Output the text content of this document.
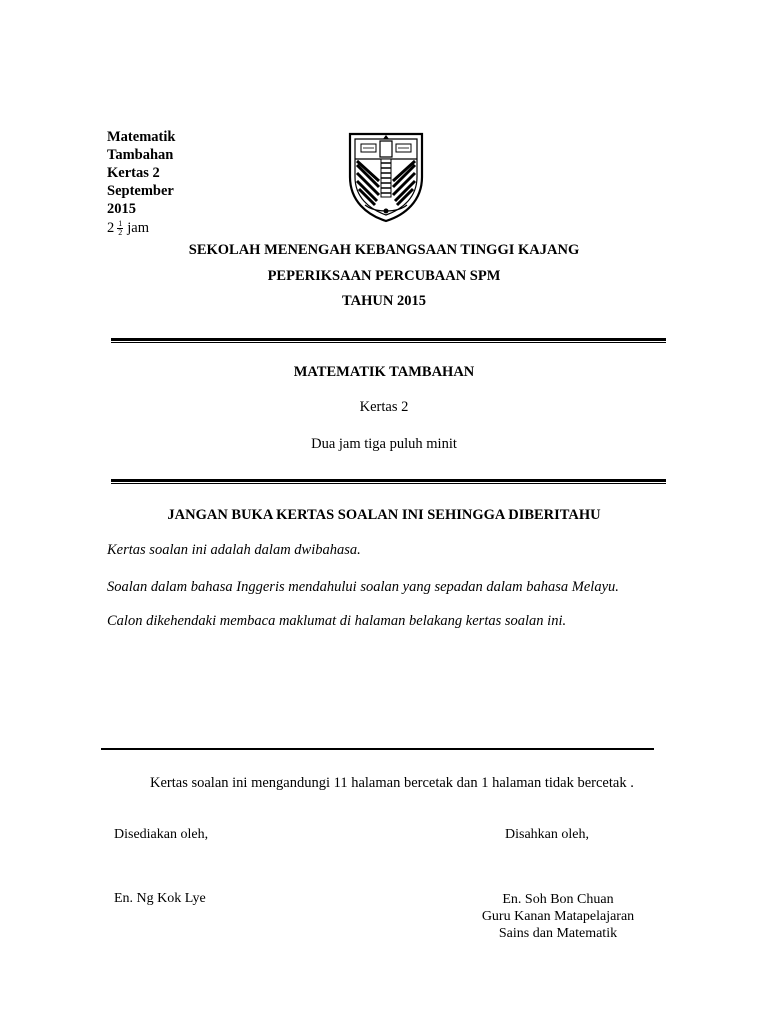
Matematik
Tambahan
Kertas 2
September
2015
$2 \frac{1}{2}$ jam
SEKOLAH MENENGAH KEBANGSAAN TINGGI KAJANG
PEPERIKSAAN PERCUBAAN SPM
TAHUN 2015
MATEMATIK TAMBAHAN
Kertas 2
Dua jam tiga puluh minit
JANGAN BUKA KERTAS SOALAN INI SEHINGGA DIBERITAHU
Kertas soalan ini adalah dalam dwibahasa.
Soalan dalam bahasa Inggeris mendahului soalan yang sepadan dalam bahasa Melayu.
Calon dikehendaki membaca maklumat di halaman belakang kertas soalan ini.
Kertas soalan ini mengandungi 11 halaman bercetak dan 1 halaman tidak bercetak .
Disediakan oleh,	Disahkan oleh,
En. Ng Kok Lye	En. Soh Bon Chuan
Guru Kanan Matapelajaran
Sains dan Matematik
